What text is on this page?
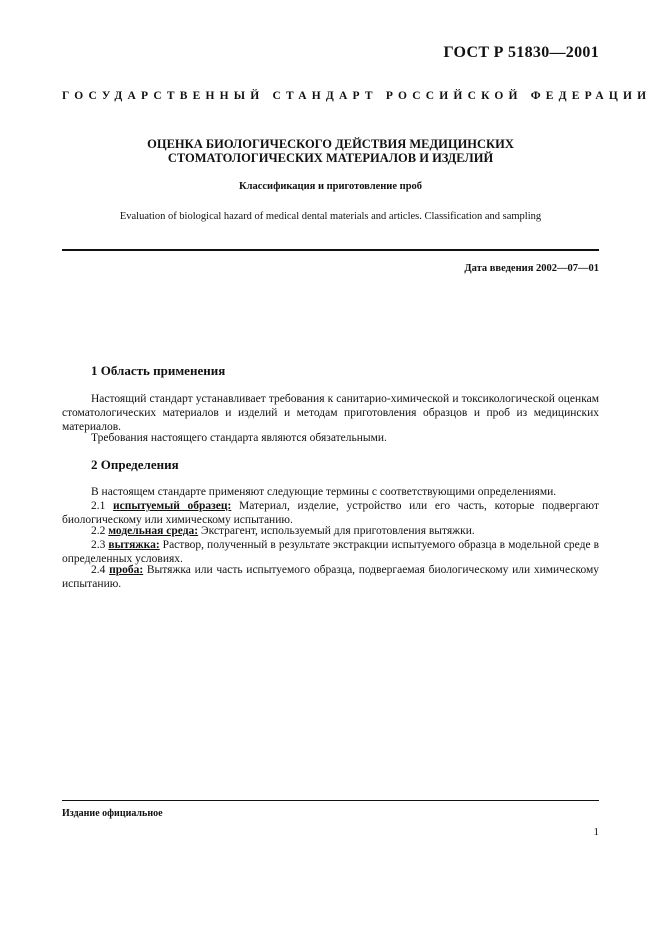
ГОСТ Р 51830—2001
ГОСУДАРСТВЕННЫЙ СТАНДАРТ РОССИЙСКОЙ ФЕДЕРАЦИИ
ОЦЕНКА БИОЛОГИЧЕСКОГО ДЕЙСТВИЯ МЕДИЦИНСКИХ
СТОМАТОЛОГИЧЕСКИХ МАТЕРИАЛОВ И ИЗДЕЛИЙ
Классификация и приготовление проб
Evaluation of biological hazard of medical dental materials and articles. Classification and sampling
Дата введения 2002—07—01
1 Область применения
Настоящий стандарт устанавливает требования к санитарио-химической и токсикологической оценкам стоматологических материалов и изделий и методам приготовления образцов и проб из медицинских материалов.
Требования настоящего стандарта являются обязательными.
2 Определения
В настоящем стандарте применяют следующие термины с соответствующими определениями.
2.1 испытуемый образец: Материал, изделие, устройство или его часть, которые подвергают биологическому или химическому испытанию.
2.2 модельная среда: Экстрагент, используемый для приготовления вытяжки.
2.3 вытяжка: Раствор, полученный в результате экстракции испытуемого образца в модельной среде в определенных условиях.
2.4 проба: Вытяжка или часть испытуемого образца, подвергаемая биологическому или химическому испытанию.
Издание официальное
1
